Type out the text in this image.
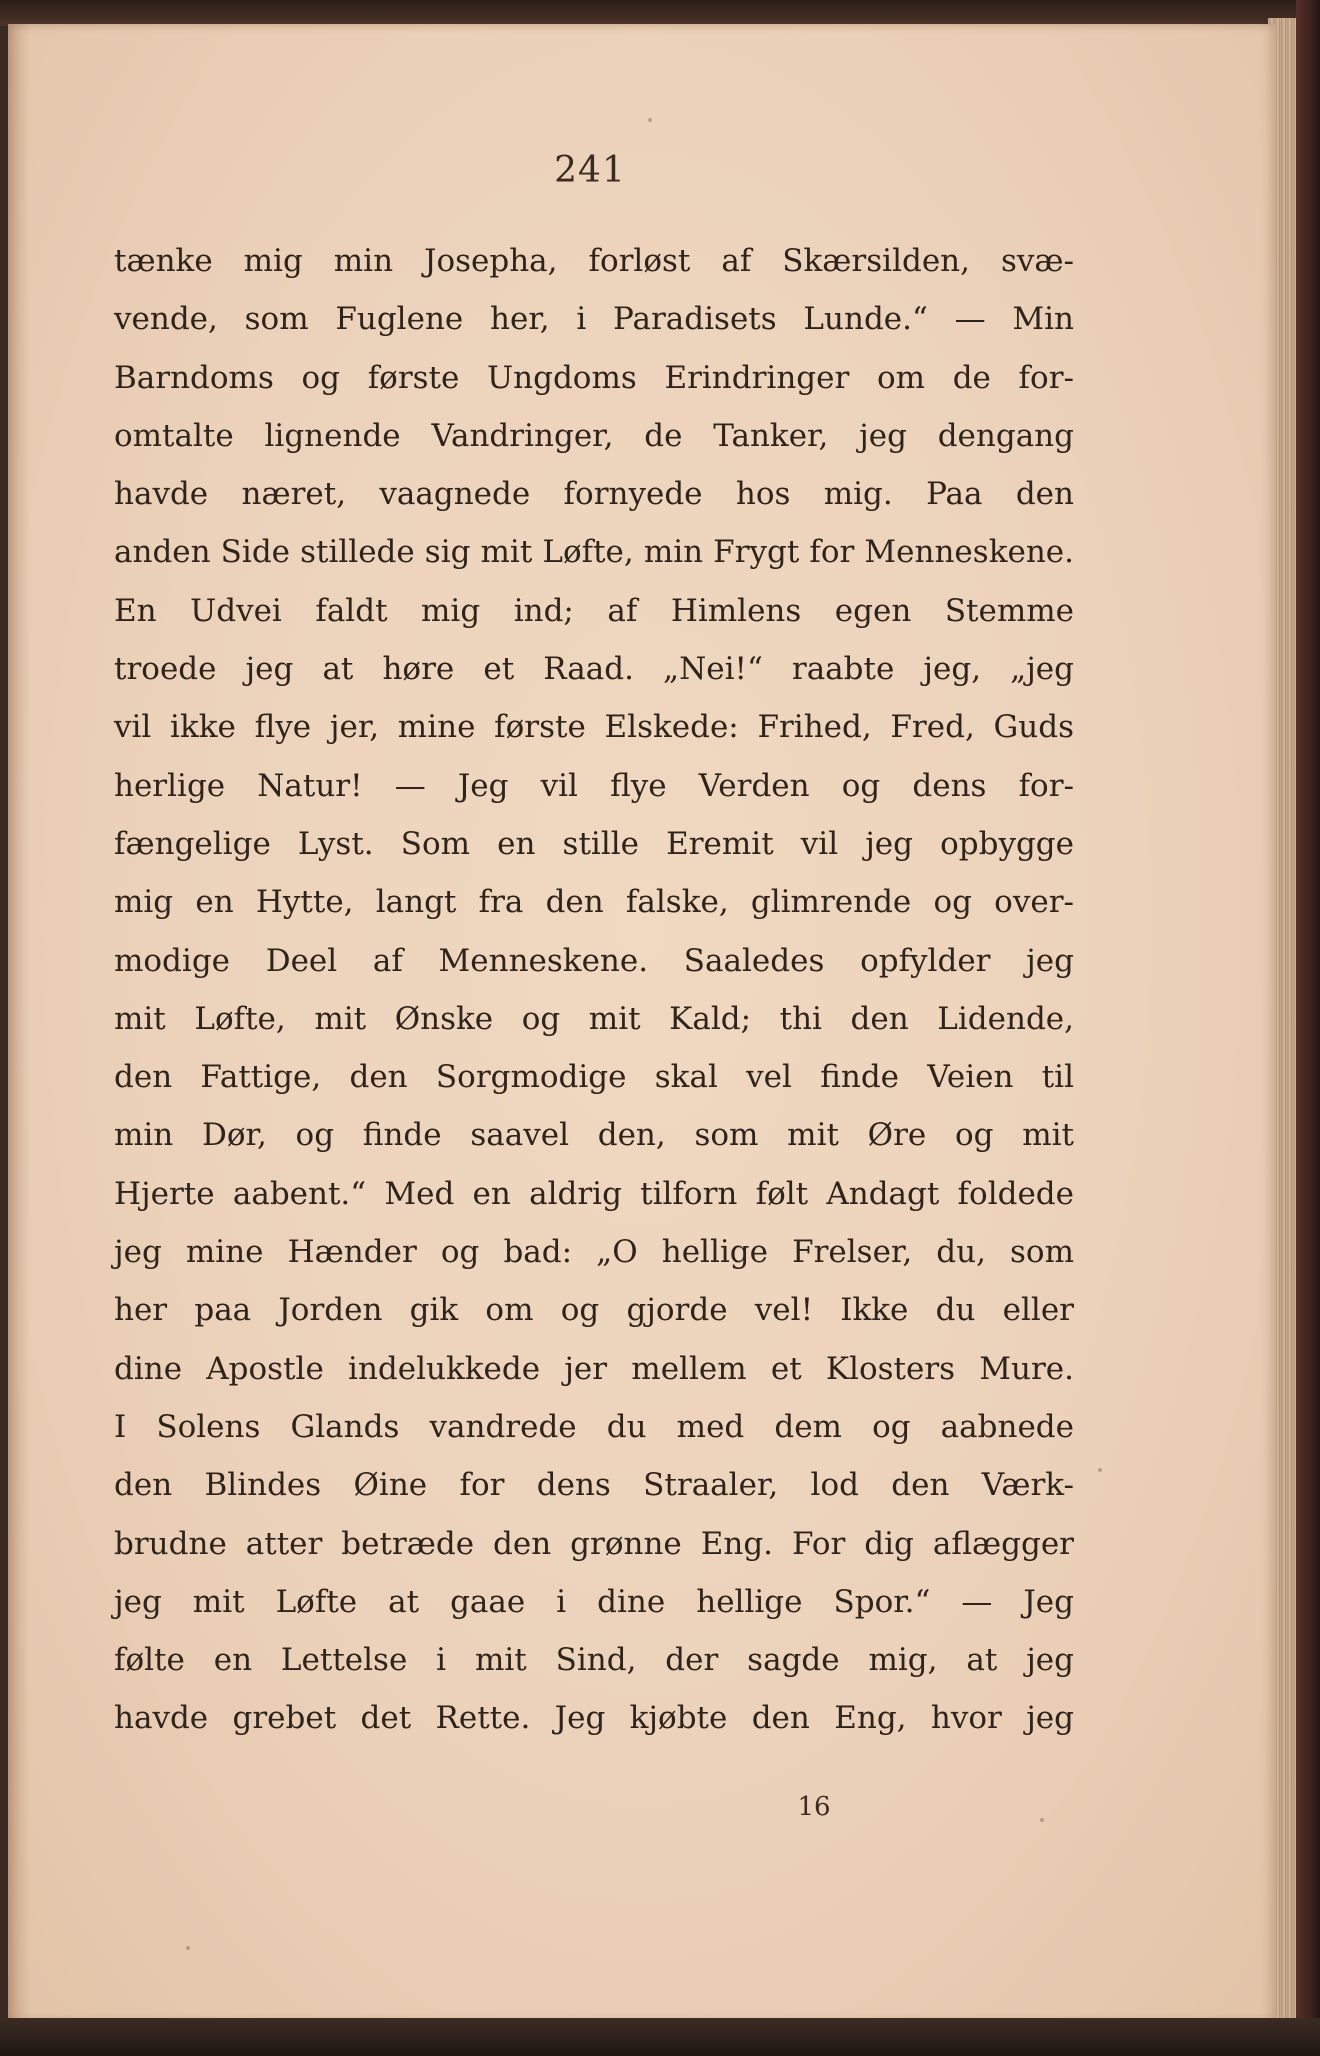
241
tænke mig min Josepha, forløst af Skærsilden, svæ-
vende, som Fuglene her, i Paradisets Lunde.“ — Min
Barndoms og første Ungdoms Erindringer om de for-
omtalte lignende Vandringer, de Tanker, jeg dengang
havde næret, vaagnede fornyede hos mig. Paa den
anden Side stillede sig mit Løfte, min Frygt for Menneskene.
En Udvei faldt mig ind; af Himlens egen Stemme
troede jeg at høre et Raad. „Nei!“ raabte jeg, „jeg
vil ikke flye jer, mine første Elskede: Frihed, Fred, Guds
herlige Natur! — Jeg vil flye Verden og dens for-
fængelige Lyst. Som en stille Eremit vil jeg opbygge
mig en Hytte, langt fra den falske, glimrende og over-
modige Deel af Menneskene. Saaledes opfylder jeg
mit Løfte, mit Ønske og mit Kald; thi den Lidende,
den Fattige, den Sorgmodige skal vel finde Veien til
min Dør, og finde saavel den, som mit Øre og mit
Hjerte aabent.“ Med en aldrig tilforn følt Andagt foldede
jeg mine Hænder og bad: „O hellige Frelser, du, som
her paa Jorden gik om og gjorde vel! Ikke du eller
dine Apostle indelukkede jer mellem et Klosters Mure.
I Solens Glands vandrede du med dem og aabnede
den Blindes Øine for dens Straaler, lod den Værk-
brudne atter betræde den grønne Eng. For dig aflægger
jeg mit Løfte at gaae i dine hellige Spor.“ — Jeg
følte en Lettelse i mit Sind, der sagde mig, at jeg
havde grebet det Rette. Jeg kjøbte den Eng, hvor jeg
16
